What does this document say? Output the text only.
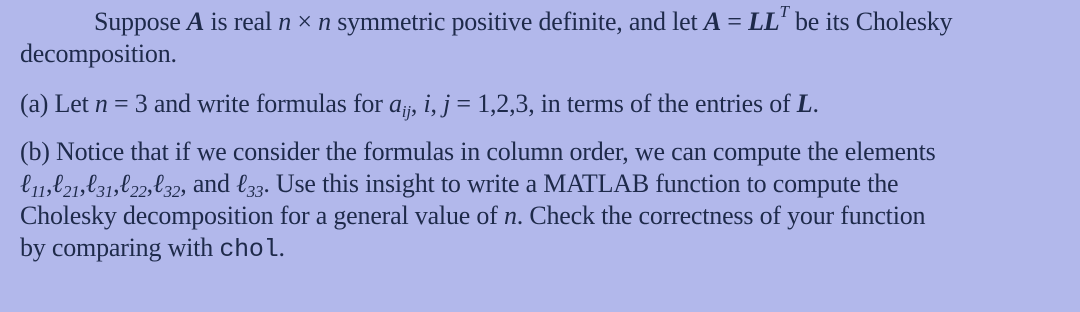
Suppose A is real n × n symmetric positive definite, and let $A = LL^T$ be its Cholesky
decomposition.
(a) Let n = 3 and write formulas for $a_{ij}$, i, j = 1,2,3, in terms of the entries of L.
(b) Notice that if we consider the formulas in column order, we can compute the elements
ℓ$_{11}$,ℓ$_{21}$,ℓ$_{31}$,ℓ$_{22}$,ℓ$_{32}$, and ℓ$_{33}$. Use this insight to write a MATLAB function to compute the
Cholesky decomposition for a general value of n. Check the correctness of your function
by comparing with chol.
